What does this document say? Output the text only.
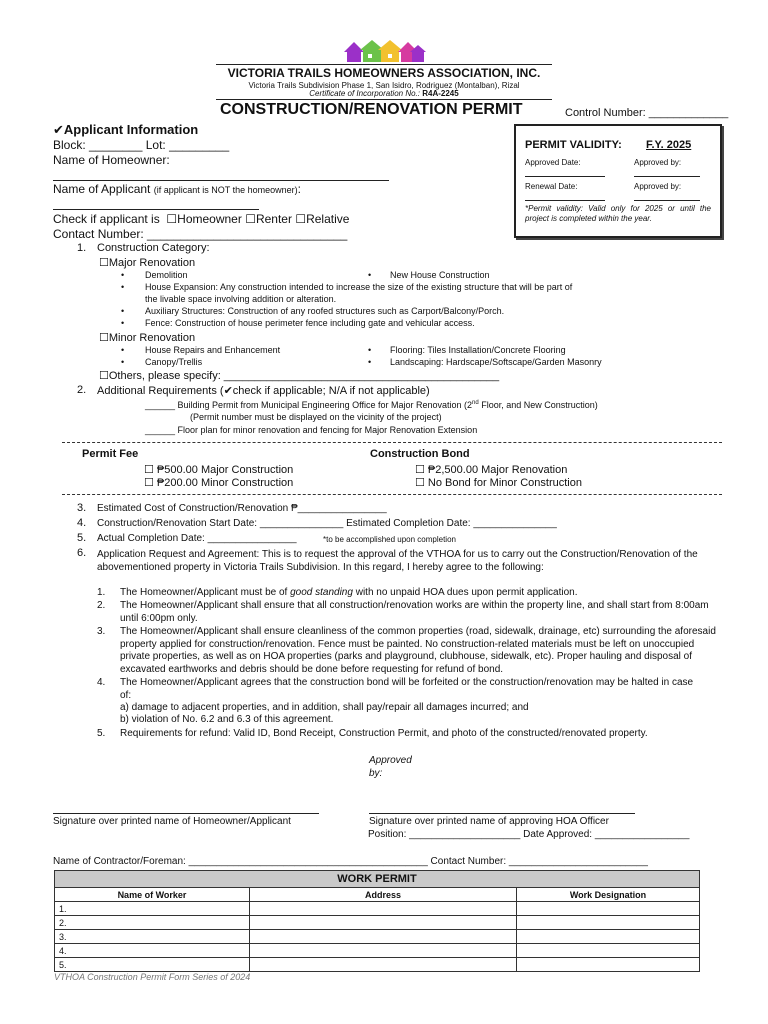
VICTORIA TRAILS HOMEOWNERS ASSOCIATION, INC.
Victoria Trails Subdivision Phase 1, San Isidro, Rodriguez (Montalban), Rizal
Certificate of Incorporation No.: R4A-2245
CONSTRUCTION/RENOVATION PERMIT	Control Number: _____________
PERMIT VALIDITY: F.Y. 2025
Approved Date:	Approved by:
Renewal Date:	Approved by:
*Permit validity: Valid only for 2025 or until the project is completed within the year.
✔Applicant Information
Block: ________ Lot: _________
Name of Homeowner:
Name of Applicant (if applicant is NOT the homeowner):
Check if applicant is ☐Homeowner ☐Renter ☐Relative
Contact Number: ______________________________
1. Construction Category:
☐Major Renovation
• Demolition	• New House Construction
• House Expansion: Any construction intended to increase the size of the existing structure that will be part of
the livable space involving addition or alteration.
• Auxiliary Structures: Construction of any roofed structures such as Carport/Balcony/Porch.
• Fence: Construction of house perimeter fence including gate and vehicular access.
☐Minor Renovation
• House Repairs and Enhancement	• Flooring: Tiles Installation/Concrete Flooring
• Canopy/Trellis	• Landscaping: Hardscape/Softscape/Garden Masonry
☐Others, please specify: _____________________________________________
2. Additional Requirements (✔check if applicable; N/A if not applicable)
______ Building Permit from Municipal Engineering Office for Major Renovation (2nd Floor, and New Construction)
(Permit number must be displayed on the vicinity of the project)
______ Floor plan for minor renovation and fencing for Major Renovation Extension
Permit Fee
☐ ₱500.00 Major Construction
☐ ₱200.00 Minor Construction
Construction Bond
☐ ₱2,500.00 Major Renovation
☐ No Bond for Minor Construction
3. Estimated Cost of Construction/Renovation ₱________________
4. Construction/Renovation Start Date: _______________ Estimated Completion Date: _______________
5. Actual Completion Date: ________________	*to be accomplished upon completion
6. Application Request and Agreement: This is to request the approval of the VTHOA for us to carry out the Construction/Renovation of the abovementioned property in Victoria Trails Subdivision. In this regard, I hereby agree to the following:
1. The Homeowner/Applicant must be of good standing with no unpaid HOA dues upon permit application.
2. The Homeowner/Applicant shall ensure that all construction/renovation works are within the property line, and shall start from 8:00am until 6:00pm only.
3. The Homeowner/Applicant shall ensure cleanliness of the common properties (road, sidewalk, drainage, etc) surrounding the aforesaid property applied for construction/renovation. Fence must be painted. No construction-related materials must be left on unoccupied private properties, as well as on HOA properties (parks and playground, clubhouse, sidewalk, etc). Proper hauling and disposal of excavated earthworks and debris should be done before requesting for refund of bond.
4. The Homeowner/Applicant agrees that the construction bond will be forfeited or the construction/renovation may be halted in case of:
a) damage to adjacent properties, and in addition, shall pay/repair all damages incurred; and
b) violation of No. 6.2 and 6.3 of this agreement.
5. Requirements for refund: Valid ID, Bond Receipt, Construction Permit, and photo of the constructed/renovated property.
Approved by:
Signature over printed name of Homeowner/Applicant	Signature over printed name of approving HOA Officer
Position: ____________________ Date Approved: _________________
Name of Contractor/Foreman: ___________________________________________ Contact Number: _________________________
WORK PERMIT		
Name of Worker	Address	Work Designation
1.		
2.		
3.		
4.		
5.		
VTHOA Construction Permit Form Series of 2024
